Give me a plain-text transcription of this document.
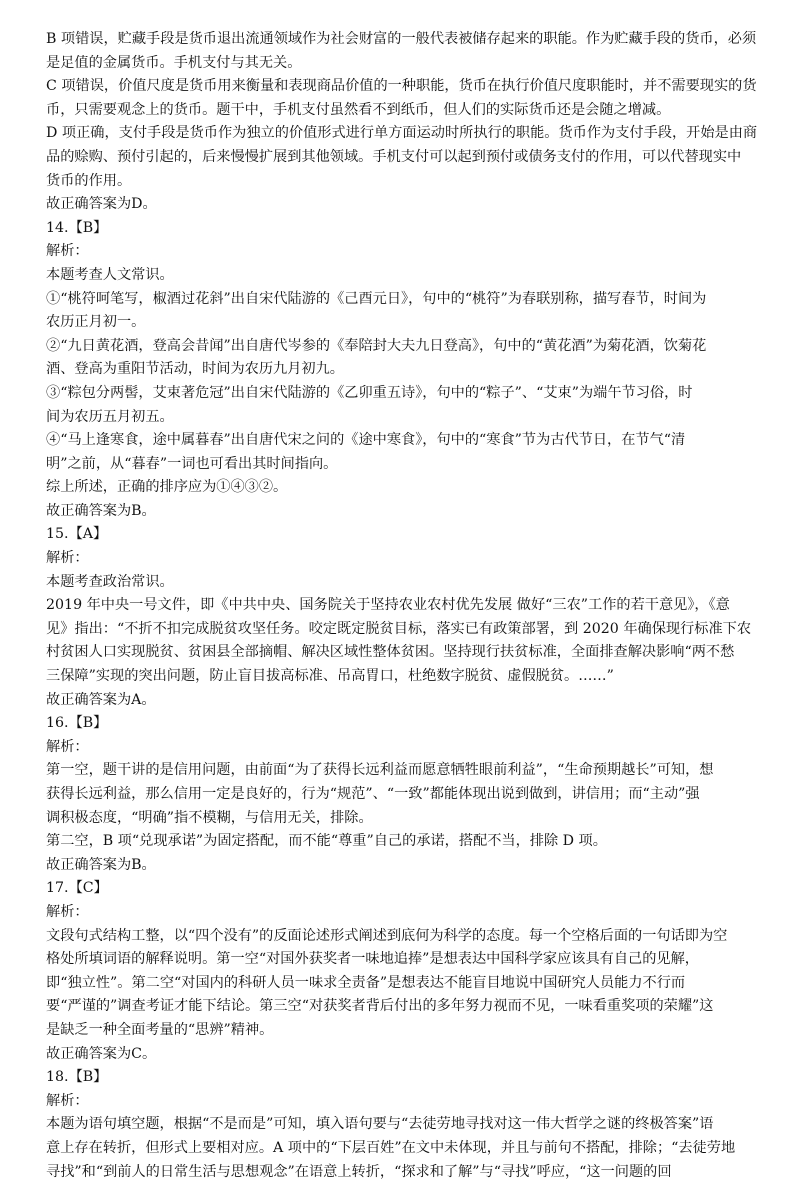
B 项错误，贮藏手段是货币退出流通领域作为社会财富的一般代表被储存起来的职能。作为贮藏手段的货币，必须
是足值的金属货币。手机支付与其无关。
C 项错误，价值尺度是货币用来衡量和表现商品价值的一种职能，货币在执行价值尺度职能时，并不需要现实的货
币，只需要观念上的货币。题干中，手机支付虽然看不到纸币，但人们的实际货币还是会随之增减。
D 项正确，支付手段是货币作为独立的价值形式进行单方面运动时所执行的职能。货币作为支付手段，开始是由商
品的赊购、预付引起的，后来慢慢扩展到其他领域。手机支付可以起到预付或债务支付的作用，可以代替现实中
货币的作用。
故正确答案为D。
14.【B】
解析：
本题考查人文常识。
①“桃符呵笔写，椒酒过花斜”出自宋代陆游的《己酉元日》，句中的“桃符”为春联别称，描写春节，时间为
农历正月初一。
②“九日黄花酒，登高会昔闻”出自唐代岑参的《奉陪封大夫九日登高》，句中的“黄花酒”为菊花酒，饮菊花
酒、登高为重阳节活动，时间为农历九月初九。
③“粽包分两髻，艾束著危冠”出自宋代陆游的《乙卯重五诗》，句中的“粽子”、“艾束”为端午节习俗，时
间为农历五月初五。
④“马上逢寒食，途中属暮春”出自唐代宋之问的《途中寒食》，句中的“寒食”节为古代节日，在节气“清
明”之前，从“暮春”一词也可看出其时间指向。
综上所述，正确的排序应为①④③②。
故正确答案为B。
15.【A】
解析：
本题考查政治常识。
2019 年中央一号文件，即《中共中央、国务院关于坚持农业农村优先发展 做好“三农”工作的若干意见》，《意
见》指出：“不折不扣完成脱贫攻坚任务。咬定既定脱贫目标，落实已有政策部署，到 2020 年确保现行标准下农
村贫困人口实现脱贫、贫困县全部摘帽、解决区域性整体贫困。坚持现行扶贫标准，全面排查解决影响“两不愁
三保障”实现的突出问题，防止盲目拔高标准、吊高胃口，杜绝数字脱贫、虚假脱贫。……”
故正确答案为A。
16.【B】
解析：
第一空，题干讲的是信用问题，由前面“为了获得长远利益而愿意牺牲眼前利益”，“生命预期越长”可知，想
获得长远利益，那么信用一定是良好的，行为“规范”、“一致”都能体现出说到做到，讲信用；而“主动”强
调积极态度，“明确”指不模糊，与信用无关，排除。
第二空，B 项“兑现承诺”为固定搭配，而不能“尊重”自己的承诺，搭配不当，排除 D 项。
故正确答案为B。
17.【C】
解析：
文段句式结构工整，以“四个没有”的反面论述形式阐述到底何为科学的态度。每一个空格后面的一句话即为空
格处所填词语的解释说明。第一空“对国外获奖者一味地追捧”是想表达中国科学家应该具有自己的见解，
即“独立性”。第二空“对国内的科研人员一味求全责备”是想表达不能盲目地说中国研究人员能力不行而
要“严谨的”调查考证才能下结论。第三空“对获奖者背后付出的多年努力视而不见，一味看重奖项的荣耀”这
是缺乏一种全面考量的“思辨”精神。
故正确答案为C。
18.【B】
解析：
本题为语句填空题，根据“不是而是”可知，填入语句要与“去徒劳地寻找对这一伟大哲学之谜的终极答案”语
意上存在转折，但形式上要相对应。A 项中的“下层百姓”在文中未体现，并且与前句不搭配，排除；“去徒劳地
寻找”和“到前人的日常生活与思想观念”在语意上转折，“探求和了解”与“寻找”呼应，“这一问题的回
